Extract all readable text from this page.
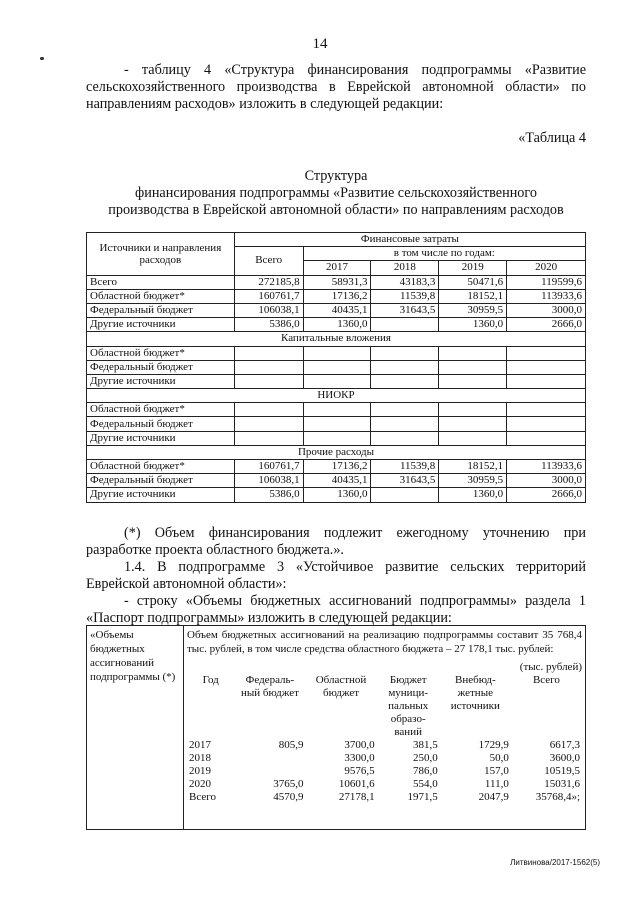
14
- таблицу 4 «Структура финансирования подпрограммы «Развитие сельскохозяйственного производства в Еврейской автономной области» по направлениям расходов» изложить в следующей редакции:
«Таблица 4
Структура
финансирования подпрограммы «Развитие сельскохозяйственного
производства в Еврейской автономной области» по направлениям расходов
Источники и направления расходов	Финансовые затраты				
	Всего	в том числе по годам:			
		2017	2018	2019	2020
Всего	272185,8	58931,3	43183,3	50471,6	119599,6
Областной бюджет*	160761,7	17136,2	11539,8	18152,1	113933,6
Федеральный бюджет	106038,1	40435,1	31643,5	30959,5	3000,0
Другие источники	5386,0	1360,0		1360,0	2666,0
Капитальные вложения					
Областной бюджет*					
Федеральный бюджет					
Другие источники					
НИОКР					
Областной бюджет*					
Федеральный бюджет					
Другие источники					
Прочие расходы					
Областной бюджет*	160761,7	17136,2	11539,8	18152,1	113933,6
Федеральный бюджет	106038,1	40435,1	31643,5	30959,5	3000,0
Другие источники	5386,0	1360,0		1360,0	2666,0
(*) Объем финансирования подлежит ежегодному уточнению при разработке проекта областного бюджета.».
1.4. В подпрограмме 3 «Устойчивое развитие сельских территорий Еврейской автономной области»:
- строку «Объемы бюджетных ассигнований подпрограммы» раздела 1 «Паспорт подпрограммы» изложить в следующей редакции:
«Объемы бюджетных ассигнований подпрограммы (*)	
Объем бюджетных ассигнований на реализацию подпрограммы составит 35 768,4 тыс. рублей, в том числе средства областного бюджета – 27 178,1 тыс. рублей:
(тыс. рублей)
Год	Федераль-ный бюджет	Областной бюджет	Бюджет муници-пальных образо-ваний	Внебюд-жетные источники	Всего
2017	805,9	3700,0	381,5	1729,9	6617,3
2018		3300,0	250,0	50,0	3600,0
2019		9576,5	786,0	157,0	10519,5
2020	3765,0	10601,6	554,0	111,0	15031,6
Всего	4570,9	27178,1	1971,5	2047,9	35768,4»;
Литвинова/2017-1562(5)
